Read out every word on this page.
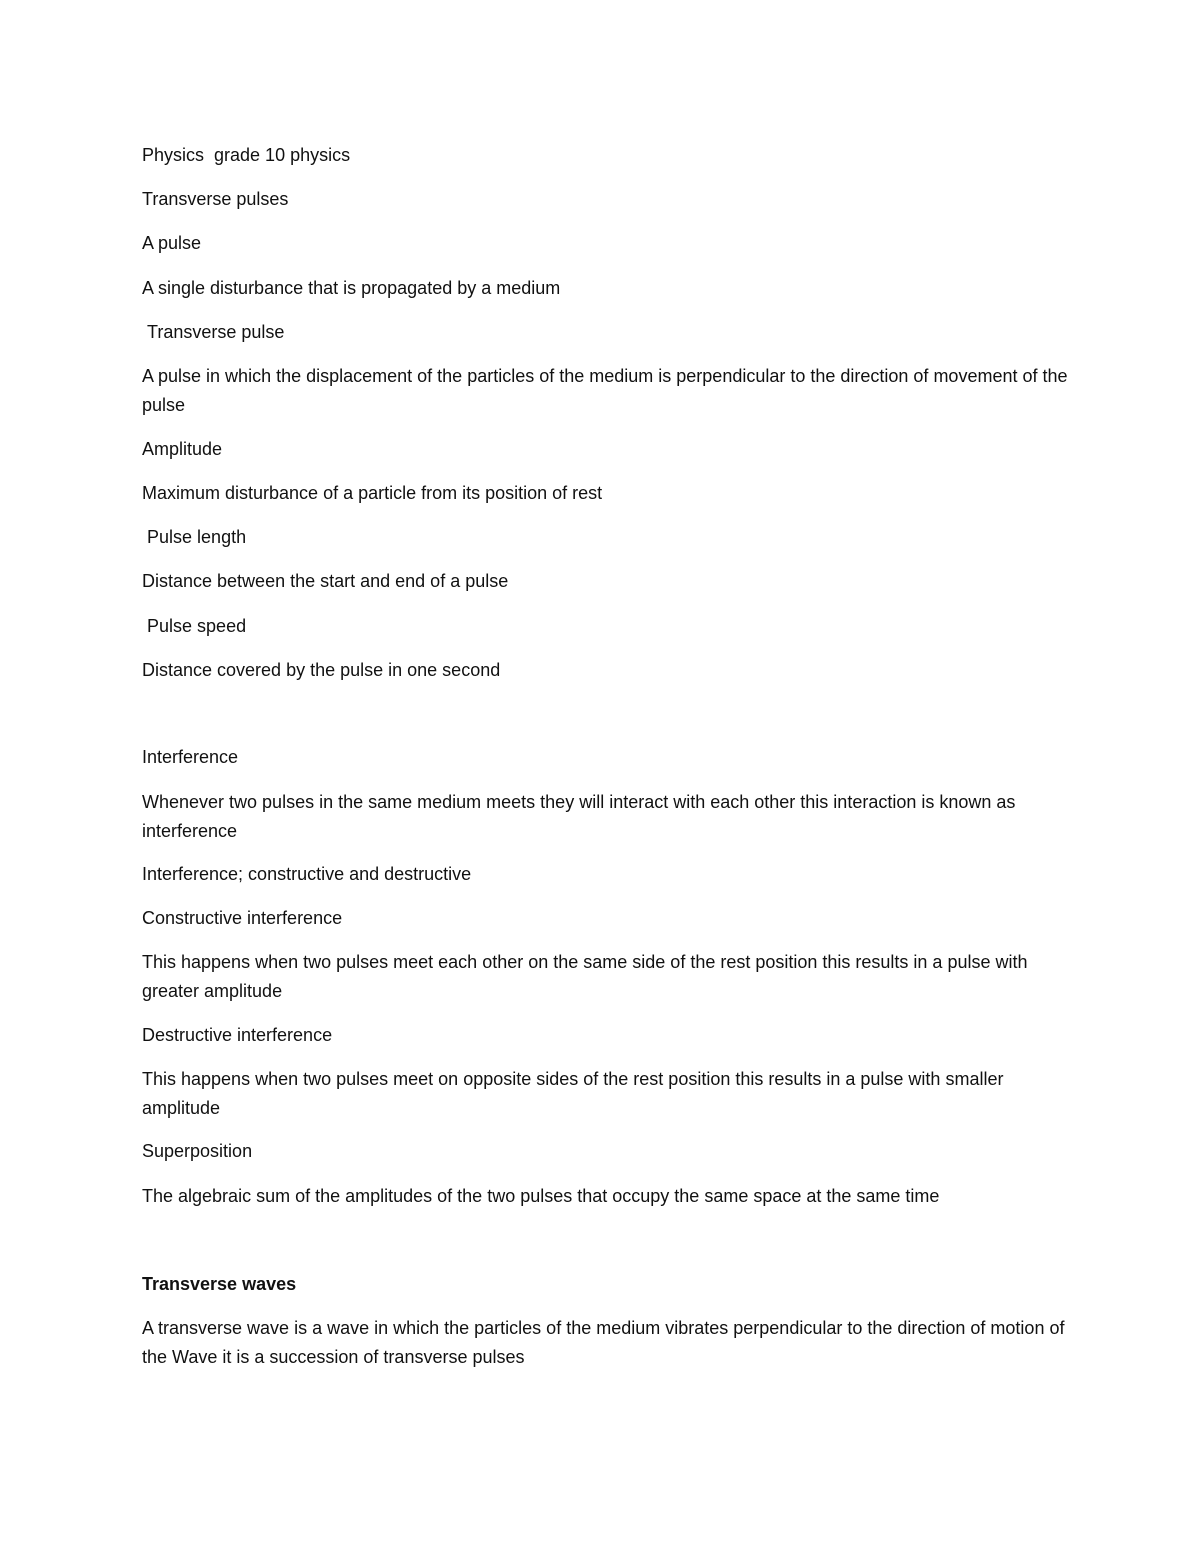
Physics  grade 10 physics

Transverse pulses

A pulse

A single disturbance that is propagated by a medium

Transverse pulse

A pulse in which the displacement of the particles of the medium is perpendicular to the direction of movement of the pulse

Amplitude

Maximum disturbance of a particle from its position of rest

Pulse length

Distance between the start and end of a pulse

Pulse speed

Distance covered by the pulse in one second

Interference

Whenever two pulses in the same medium meets they will interact with each other this interaction is known as interference

Interference; constructive and destructive

Constructive interference

This happens when two pulses meet each other on the same side of the rest position this results in a pulse with greater amplitude

Destructive interference

This happens when two pulses meet on opposite sides of the rest position this results in a pulse with smaller amplitude

Superposition

The algebraic sum of the amplitudes of the two pulses that occupy the same space at the same time

Transverse waves

A transverse wave is a wave in which the particles of the medium vibrates perpendicular to the direction of motion of the Wave it is a succession of transverse pulses
